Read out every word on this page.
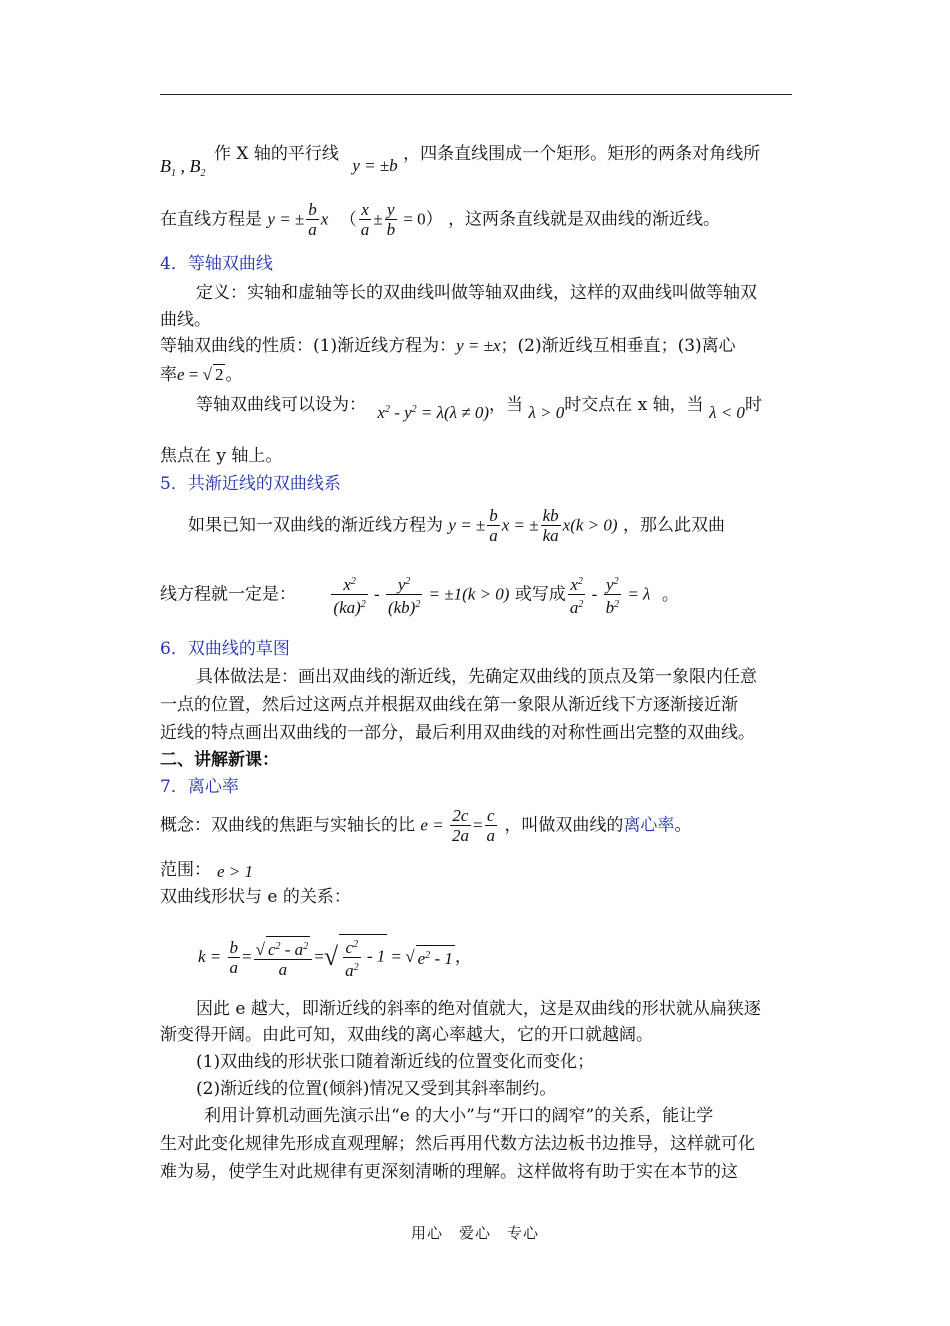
$B_1$ , $B_2$
作 X 轴的平行线 y = ±b ，四条直线围成一个矩形。矩形的两条对角线所
在直线方程是 y = ± $\frac{b}{a}$ x （ $\frac{x}{a} \pm \frac{y}{b} = 0$） ，这两条直线就是双曲线的渐近线。
4．等轴双曲线
定义：实轴和虚轴等长的双曲线叫做等轴双曲线，这样的双曲线叫做等轴双
曲线。
等轴双曲线的性质：(1)渐近线方程为：y = ±x；(2)渐近线互相垂直；(3)离心
率e = √ 2 。
等轴双曲线可以设为： $x^2 - y^2 = \lambda(\lambda \ne 0)$，当 λ > 0时交点在 x 轴，当 λ < 0时
焦点在 y 轴上。
5．共渐近线的双曲线系
如果已知一双曲线的渐近线方程为 y = ± $\frac{b}{a}$ x = ± $\frac{kb}{ka} x(k > 0)$ ，那么此双曲
线方程就一定是： $\frac{x^2}{(ka)^2} - \frac{y^2}{(kb)^2} = \pm 1(k > 0)$ 或写成 $\frac{x^2}{a^2} - \frac{y^2}{b^2} = \lambda$ 。
6．双曲线的草图
具体做法是：画出双曲线的渐近线，先确定双曲线的顶点及第一象限内任意
一点的位置，然后过这两点并根据双曲线在第一象限从渐近线下方逐渐接近渐
近线的特点画出双曲线的一部分，最后利用双曲线的对称性画出完整的双曲线。
二、讲解新课：
7．离心率
概念：双曲线的焦距与实轴长的比 $e = \frac{2c}{2a} = \frac{c}{a}$ ，叫做双曲线的离心率。
范围： e > 1
双曲线形状与 e 的关系：
$k = \frac{b}{a} = \frac{√ c^2 - a^2}{a}$ =√ $\frac{c^2}{a^2} - 1$ = √ $e^2 - 1$ ，
因此 e 越大，即渐近线的斜率的绝对值就大，这是双曲线的形状就从扁狭逐
渐变得开阔。由此可知，双曲线的离心率越大，它的开口就越阔。
(1)双曲线的形状张口随着渐近线的位置变化而变化；
(2)渐近线的位置(倾斜)情况又受到其斜率制约。
利用计算机动画先演示出“e 的大小”与“开口的阔窄”的关系，能让学
生对此变化规律先形成直观理解；然后再用代数方法边板书边推导，这样就可化
难为易，使学生对此规律有更深刻清晰的理解。这样做将有助于实在本节的这
用心　爱心　专心
